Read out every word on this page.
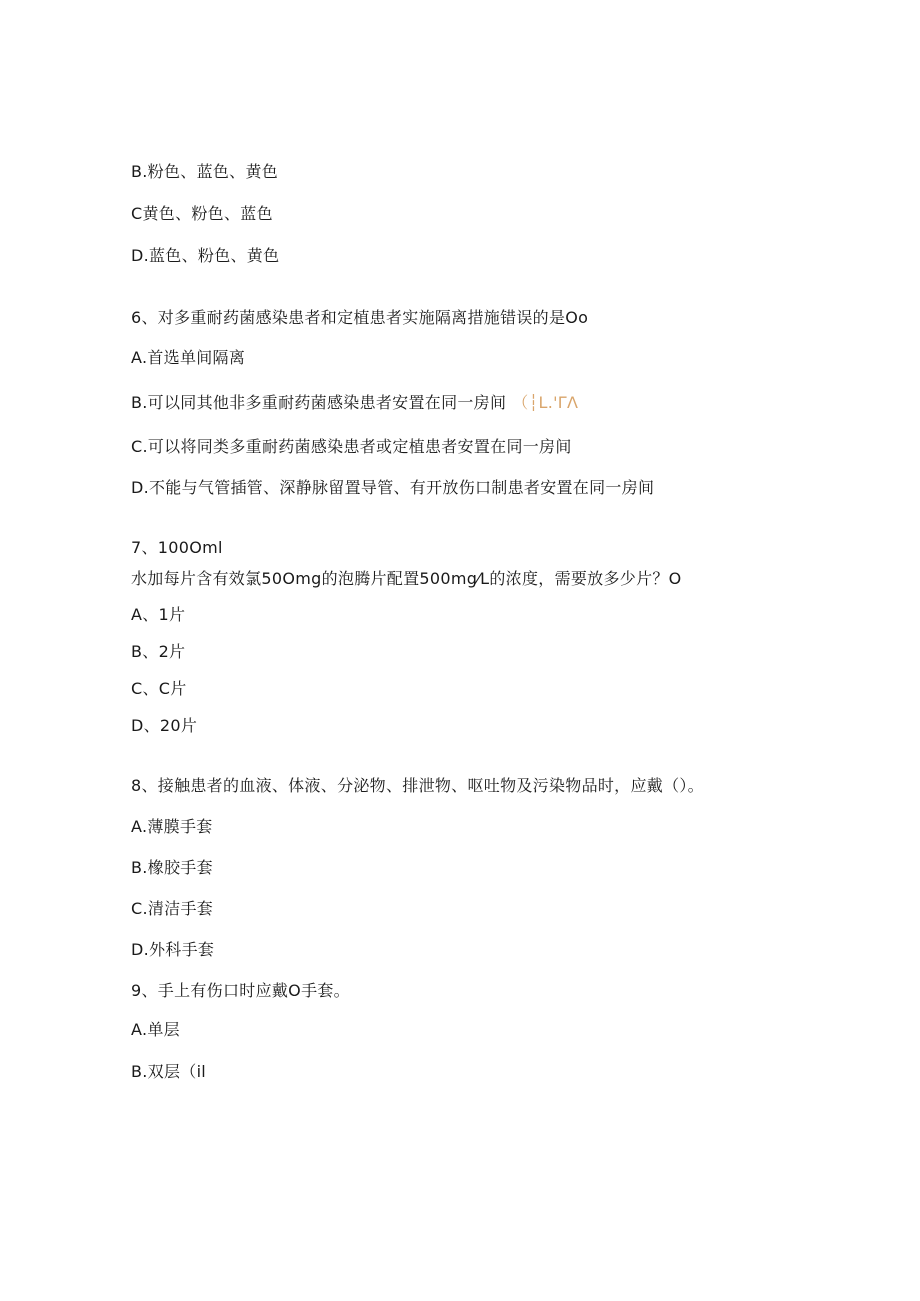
B.粉色、蓝色、黄色
C黄色、粉色、蓝色
D.蓝色、粉色、黄色
6、对多重耐药菌感染患者和定植患者实施隔离措施错误的是Oo
A.首选单间隔离
B.可以同其他非多重耐药菌感染患者安置在同一房间 （┆L.'ΓΛ
C.可以将同类多重耐药菌感染患者或定植患者安置在同一房间
D.不能与气管插管、深静脉留置导管、有开放伤口制患者安置在同一房间
7、100Oml
水加每片含有效氯50Omg的泡腾片配置500mg⁄L的浓度，需要放多少片？O
A、1片
B、2片
C、C片
D、20片
8、接触患者的血液、体液、分泌物、排泄物、呕吐物及污染物品时，应戴（）。
A.薄膜手套
B.橡胶手套
C.清洁手套
D.外科手套
9、手上有伤口时应戴O手套。
A.单层
B.双层（il
